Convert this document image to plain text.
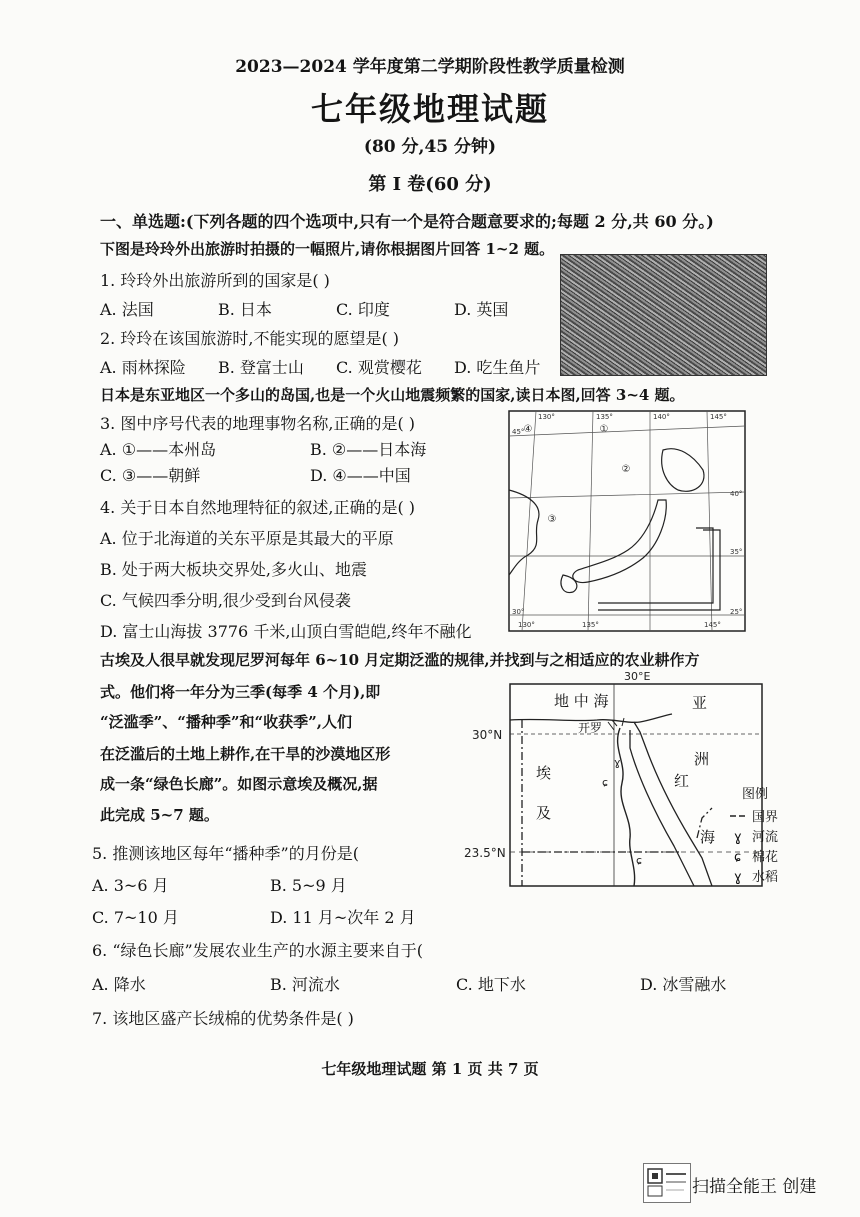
2023—2024 学年度第二学期阶段性教学质量检测
七年级地理试题
(80 分,45 分钟)
第 I 卷(60 分)
一、单选题:(下列各题的四个选项中,只有一个是符合题意要求的;每题 2 分,共 60 分。)
下图是玲玲外出旅游时拍摄的一幅照片,请你根据图片回答 1~2 题。
1. 玲玲外出旅游所到的国家是( )
A. 法国	B. 日本	C. 印度	D. 英国
2. 玲玲在该国旅游时,不能实现的愿望是( )
A. 雨林探险 B. 登富士山 C. 观赏樱花 D. 吃生鱼片
日本是东亚地区一个多山的岛国,也是一个火山地震频繁的国家,读日本图,回答 3~4 题。
3. 图中序号代表的地理事物名称,正确的是( )
A. ①——本州岛	B. ②——日本海
C. ③——朝鲜	D. ④——中国
4. 关于日本自然地理特征的叙述,正确的是( )
A. 位于北海道的关东平原是其最大的平原
B. 处于两大板块交界处,多火山、地震
C. 气候四季分明,很少受到台风侵袭
D. 富士山海拔 3776 千米,山顶白雪皑皑,终年不融化
①
②
③
④
130°	135°	140°	145°
45°
40°
35°
30°	25°
130°	135°	145°
古埃及人很早就发现尼罗河每年 6~10 月定期泛滥的规律,并找到与之相适应的农业耕作方
式。他们将一年分为三季(每季 4 个月),即
“泛滥季”、“播种季”和“收获季”,人们
在泛滥后的土地上耕作,在干旱的沙漠地区形
成一条“绿色长廊”。如图示意埃及概况,据
此完成 5~7 题。
30°E
30°N
23.5°N
ɕ
ɕ
ɣ
地 中 海	亚
洲
埃
及
红
海
开罗
图例
国界
ɣ 河流
ɕ 棉花
ɣ 水稻
5. 推测该地区每年“播种季”的月份是(
A. 3~6 月	B. 5~9 月
C. 7~10 月	D. 11 月~次年 2 月
6. “绿色长廊”发展农业生产的水源主要来自于(
A. 降水	B. 河流水	C. 地下水	D. 冰雪融水
7. 该地区盛产长绒棉的优势条件是( )
七年级地理试题 第 1 页 共 7 页
扫描全能王 创建
